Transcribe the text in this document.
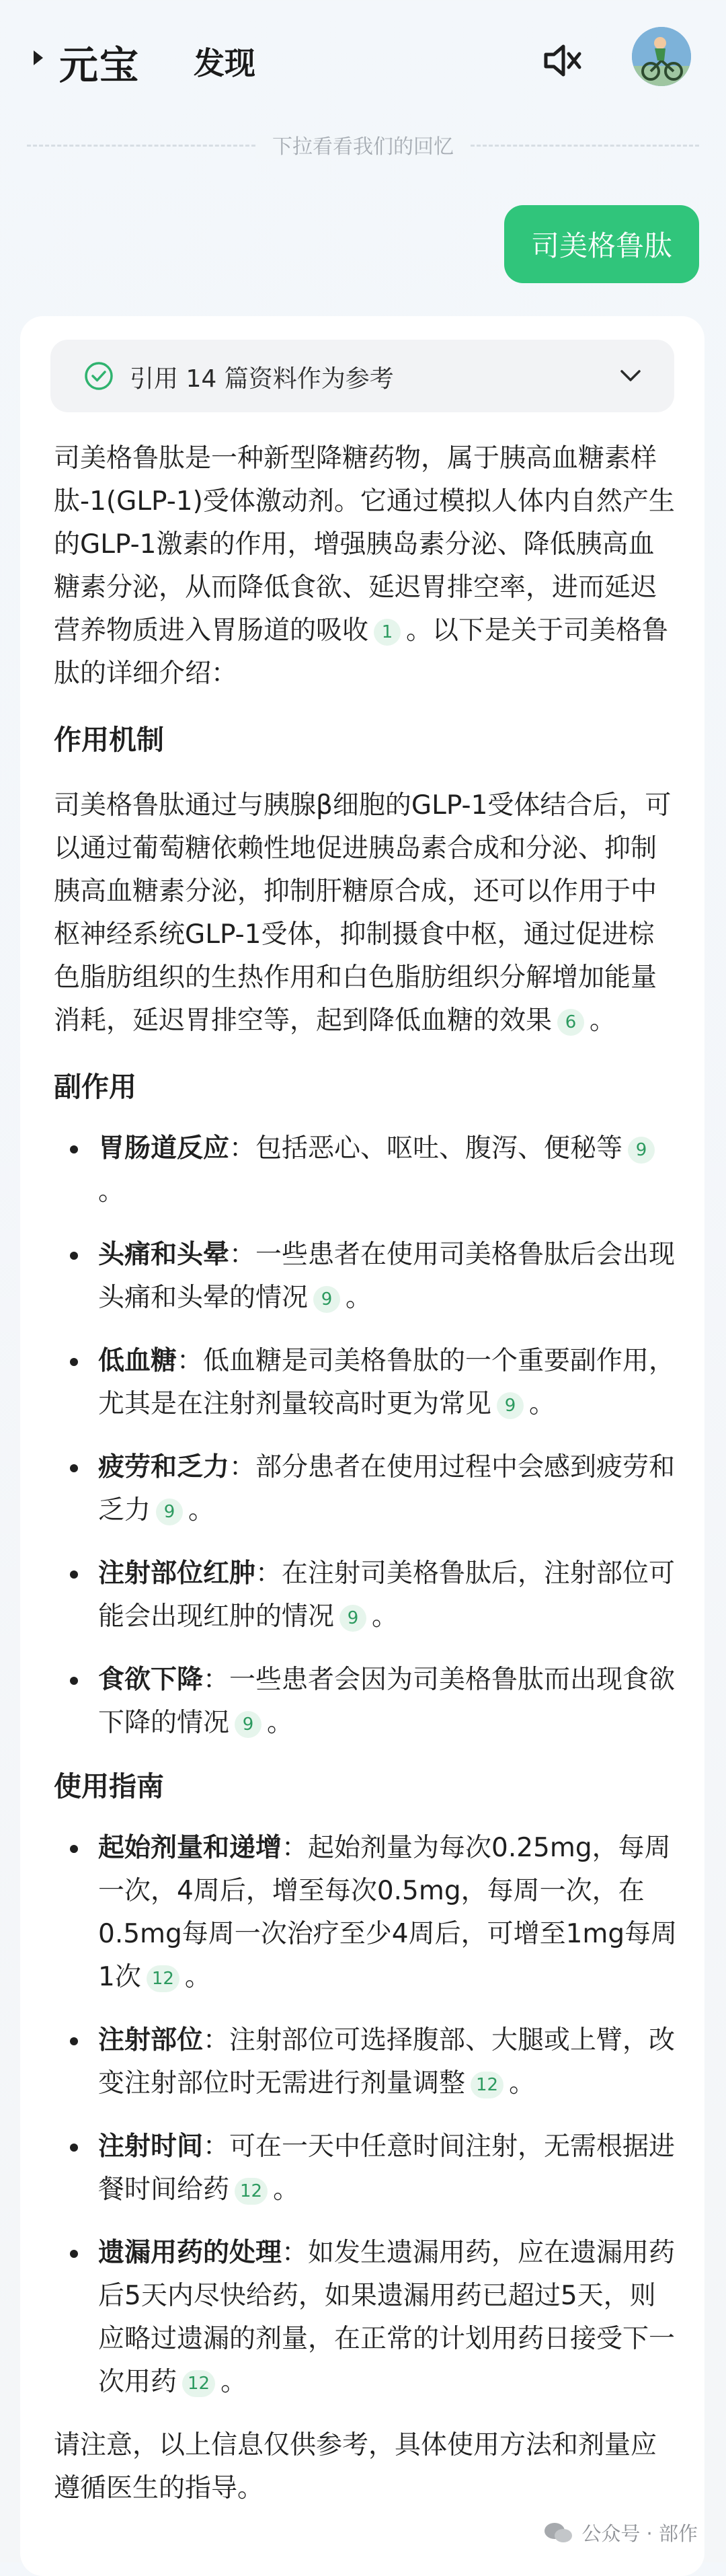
元宝 发现
下拉看看我们的回忆
司美格鲁肽
引用 14 篇资料作为参考

司美格鲁肽是一种新型降糖药物，属于胰高血糖素样肽-1(GLP-1)受体激动剂。它通过模拟人体内自然产生的GLP-1激素的作用，增强胰岛素分泌、降低胰高血糖素分泌，从而降低食欲、延迟胃排空率，进而延迟营养物质进入胃肠道的吸收 1 。以下是关于司美格鲁肽的详细介绍：

作用机制

司美格鲁肽通过与胰腺β细胞的GLP-1受体结合后，可以通过葡萄糖依赖性地促进胰岛素合成和分泌、抑制胰高血糖素分泌，抑制肝糖原合成，还可以作用于中枢神经系统GLP-1受体，抑制摄食中枢，通过促进棕色脂肪组织的生热作用和白色脂肪组织分解增加能量消耗，延迟胃排空等，起到降低血糖的效果 6 。

副作用

胃肠道反应：包括恶心、呕吐、腹泻、便秘等 9。
头痛和头晕：一些患者在使用司美格鲁肽后会出现头痛和头晕的情况 9 。
低血糖：低血糖是司美格鲁肽的一个重要副作用，尤其是在注射剂量较高时更为常见 9 。
疲劳和乏力：部分患者在使用过程中会感到疲劳和乏力 9 。
注射部位红肿：在注射司美格鲁肽后，注射部位可能会出现红肿的情况 9 。
食欲下降：一些患者会因为司美格鲁肽而出现食欲下降的情况 9 。

使用指南

起始剂量和递增：起始剂量为每次0.25mg，每周一次，4周后，增至每次0.5mg，每周一次，在0.5mg每周一次治疗至少4周后，可增至1mg每周1次 12 。
注射部位：注射部位可选择腹部、大腿或上臂，改变注射部位时无需进行剂量调整 12 。
注射时间：可在一天中任意时间注射，无需根据进餐时间给药 12 。
遗漏用药的处理：如发生遗漏用药，应在遗漏用药后5天内尽快给药，如果遗漏用药已超过5天，则应略过遗漏的剂量，在正常的计划用药日接受下一次用药 12 。

请注意，以上信息仅供参考，具体使用方法和剂量应遵循医生的指导。

公众号 · 部作
